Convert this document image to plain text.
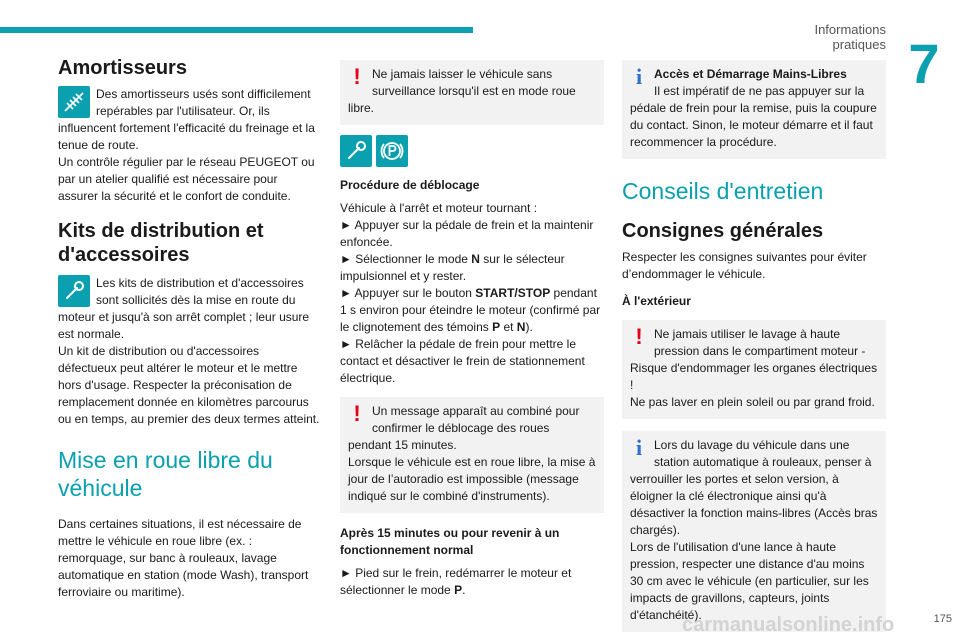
Informations pratiques 7
Amortisseurs

Des amortisseurs usés sont difficilement

repérables par l'utilisateur. Or, ils

influencent fortement l'efficacité du freinage et la tenue de route.

Un contrôle régulier par le réseau PEUGEOT ou par un atelier qualifié est nécessaire pour assurer la sécurité et le confort de conduite.

Kits de distribution et d'accessoires

Les kits de distribution et d'accessoires

sont sollicités dès la mise en route du

moteur et jusqu'à son arrêt complet ; leur usure est normale.

Un kit de distribution ou d'accessoires défectueux peut altérer le moteur et le mettre hors d'usage. Respecter la préconisation de remplacement donnée en kilomètres parcourus ou en temps, au premier des deux termes atteint.

Mise en roue libre du véhicule

Dans certaines situations, il est nécessaire de mettre le véhicule en roue libre (ex. : remorquage, sur banc à rouleaux, lavage automatique en station (mode Wash), transport ferroviaire ou maritime).

! Ne jamais laisser le véhicule sans surveillance lorsqu'il est en mode roue libre.

Procédure de déblocage

Véhicule à l'arrêt et moteur tournant :

► Appuyer sur la pédale de frein et la maintenir enfoncée.

► Sélectionner le mode N sur le sélecteur impulsionnel et y rester.

► Appuyer sur le bouton START/STOP pendant 1 s environ pour éteindre le moteur (confirmé par le clignotement des témoins P et N).

► Relâcher la pédale de frein pour mettre le contact et désactiver le frein de stationnement électrique.

! Un message apparaît au combiné pour confirmer le déblocage des roues pendant 15 minutes.

Lorsque le véhicule est en roue libre, la mise à jour de l’autoradio est impossible (message indiqué sur le combiné d'instruments).

Après 15 minutes ou pour revenir à un fonctionnement normal

► Pied sur le frein, redémarrer le moteur et sélectionner le mode P.

i Accès et Démarrage Mains-Libres

Il est impératif de ne pas appuyer sur la pédale de frein pour la remise, puis la coupure du contact. Sinon, le moteur démarre et il faut recommencer la procédure.

Conseils d'entretien
Consignes générales

Respecter les consignes suivantes pour éviter d’endommager le véhicule.

À l'extérieur
! Ne jamais utiliser le lavage à haute pression dans le compartiment moteur - Risque d'endommager les organes électriques !

Ne pas laver en plein soleil ou par grand froid.

i Lors du lavage du véhicule dans une station automatique à rouleaux, penser à verrouiller les portes et selon version, à éloigner la clé électronique ainsi qu'à désactiver la fonction mains-libres (Accès bras chargés).

Lors de l'utilisation d'une lance à haute pression, respecter une distance d'au moins 30 cm avec le véhicule (en particulier, sur les impacts de gravillons, capteurs, joints d'étanchéité).

carmanualsonline.info	175
